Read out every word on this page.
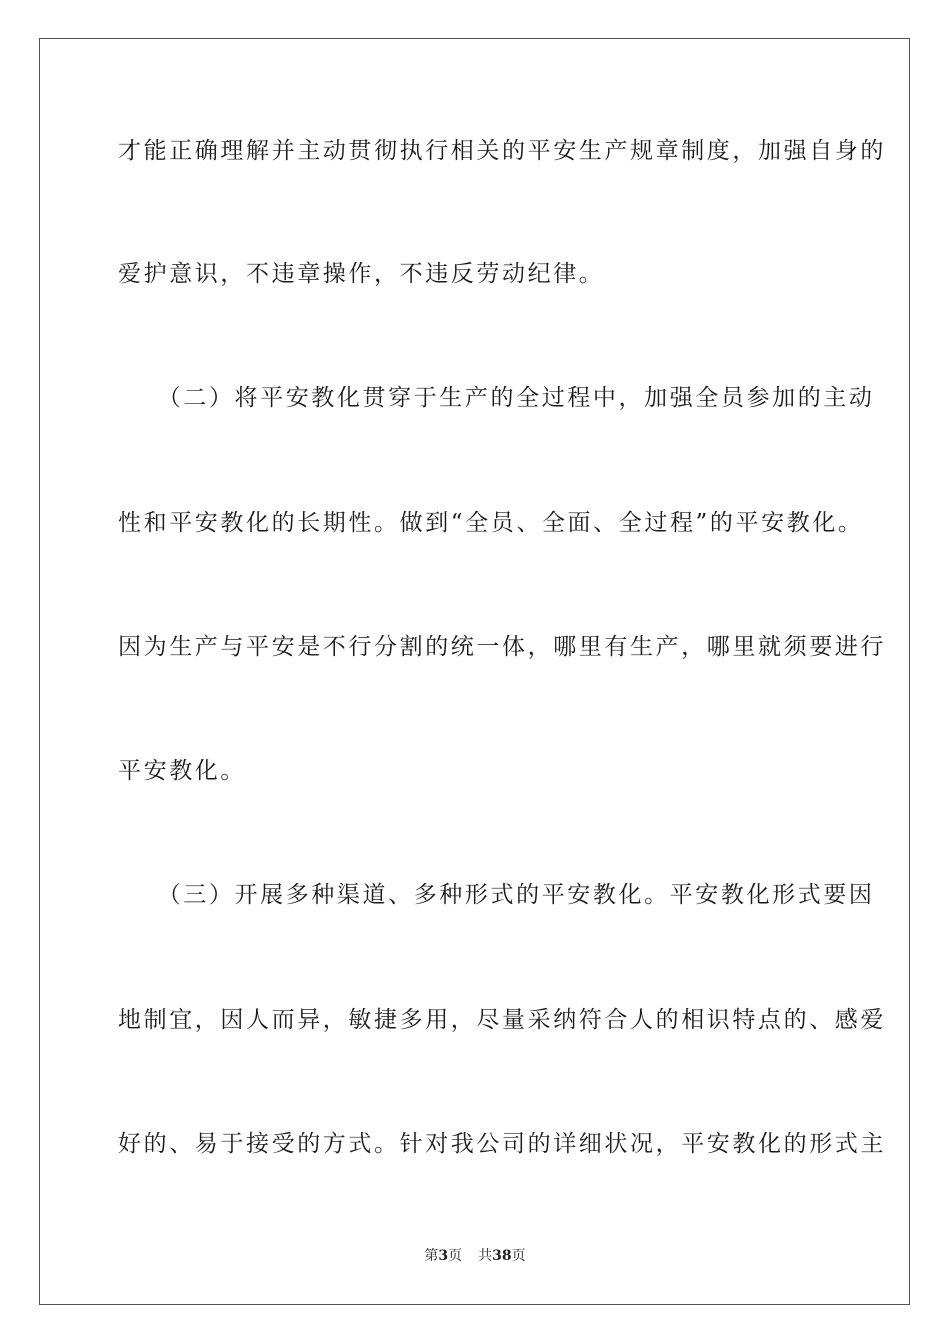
才能正确理解并主动贯彻执行相关的平安生产规章制度，加强自身的
爱护意识，不违章操作，不违反劳动纪律。
　　（二）将平安教化贯穿于生产的全过程中，加强全员参加的主动
性和平安教化的长期性。做到“全员、全面、全过程”的平安教化。
因为生产与平安是不行分割的统一体，哪里有生产，哪里就须要进行
平安教化。
　　（三）开展多种渠道、多种形式的平安教化。平安教化形式要因
地制宜，因人而异，敏捷多用，尽量采纳符合人的相识特点的、感爱
好的、易于接受的方式。针对我公司的详细状况，平安教化的形式主
第3页 共38页
